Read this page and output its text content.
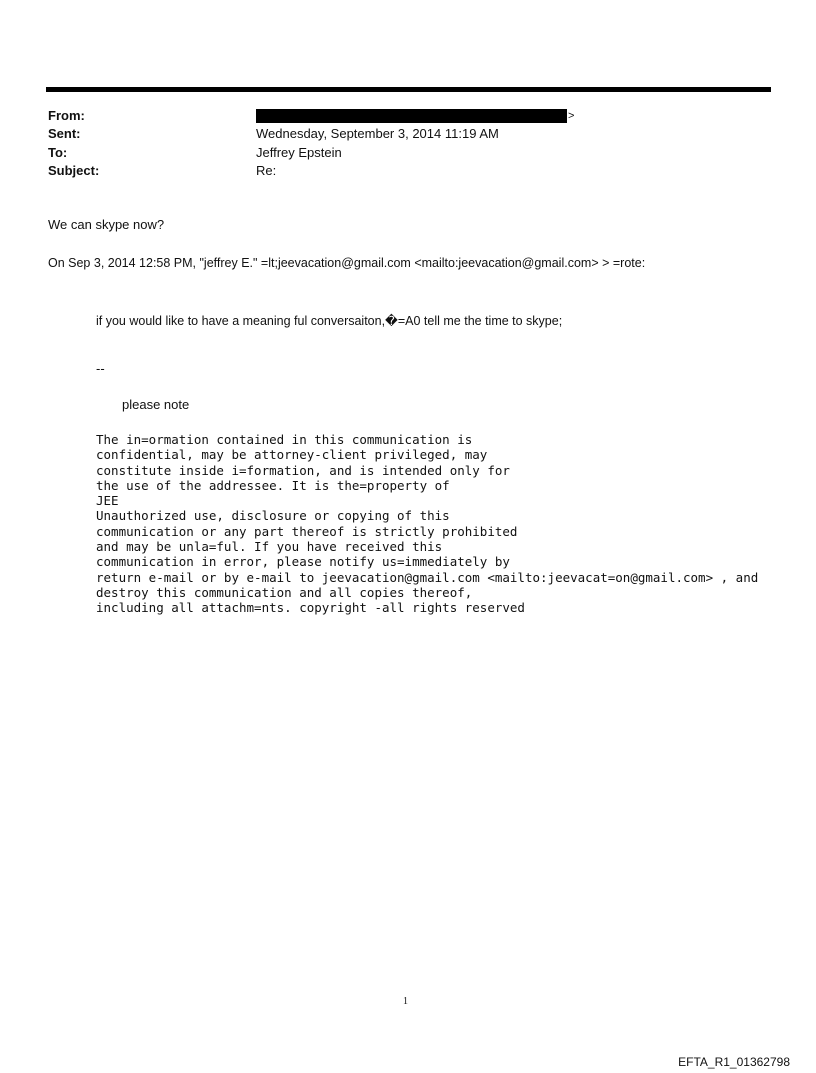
From:	>
Sent:	Wednesday, September 3, 2014 11:19 AM
To:	Jeffrey Epstein
Subject:	Re:
We can skype now?
On Sep 3, 2014 12:58 PM, "jeffrey E." =lt;jeevacation@gmail.com <mailto:jeevacation@gmail.com> > =rote:
if you would like to have a meaning ful conversaiton,�=A0 tell me the time to skype;
--
please note
The in=ormation contained in this communication is
confidential, may be attorney-client privileged, may
constitute inside i=formation, and is intended only for
the use of the addressee. It is the=property of
JEE
Unauthorized use, disclosure or copying of this
communication or any part thereof is strictly prohibited
and may be unla=ful. If you have received this
communication in error, please notify us=immediately by
return e-mail or by e-mail to jeevacation@gmail.com <mailto:jeevacat=on@gmail.com> , and
destroy this communication and all copies thereof,
including all attachm=nts. copyright -all rights reserved
1
EFTA_R1_01362798
